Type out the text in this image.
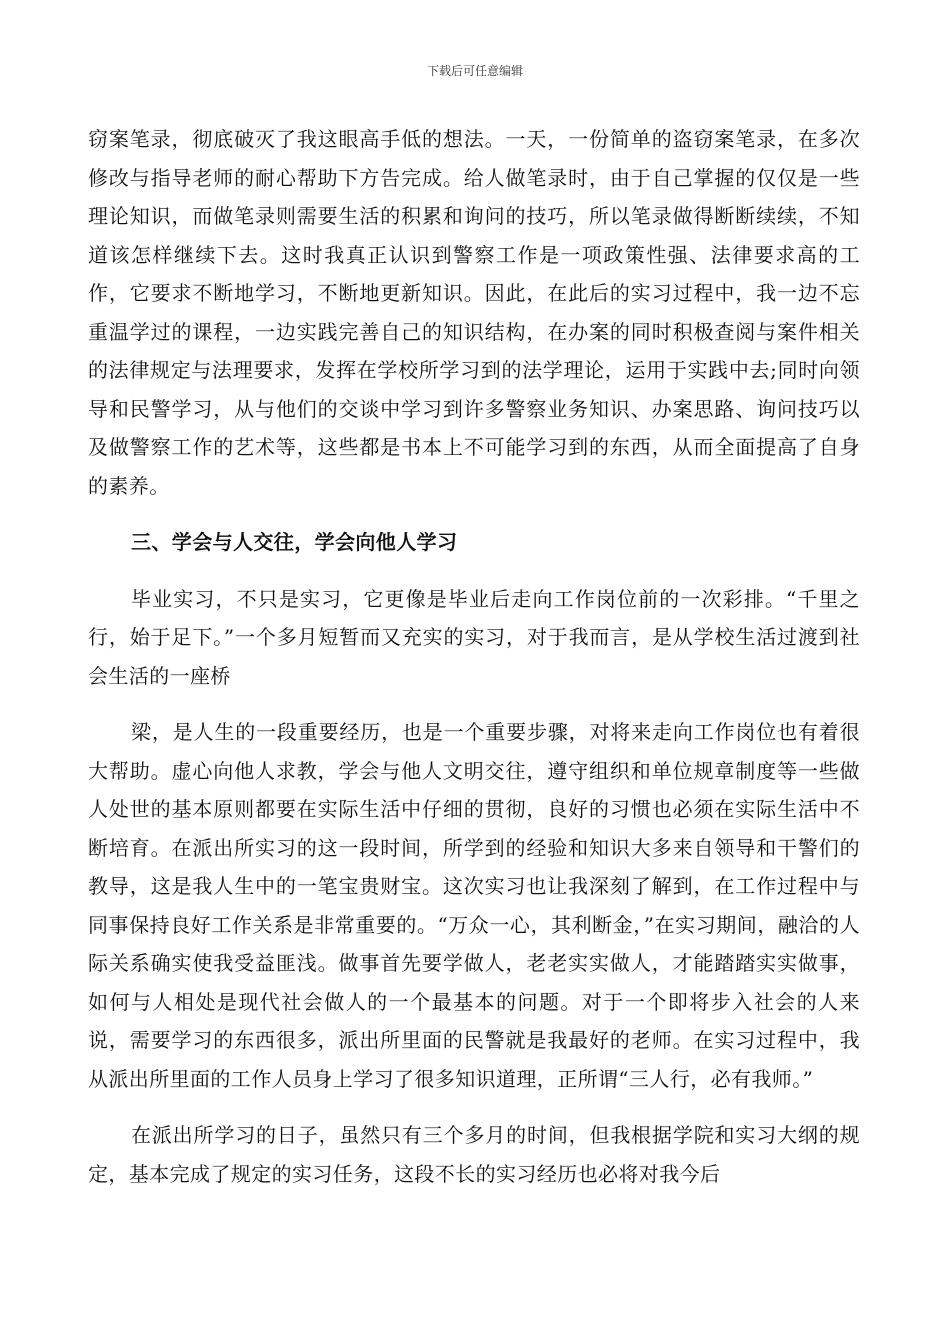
下载后可任意编辑

窃案笔录，彻底破灭了我这眼高手低的想法。一天，一份简单的盗窃案笔录，在多次修改与指导老师的耐心帮助下方告完成。给人做笔录时，由于自己掌握的仅仅是一些理论知识，而做笔录则需要生活的积累和询问的技巧，所以笔录做得断断续续，不知道该怎样继续下去。这时我真正认识到警察工作是一项政策性强、法律要求高的工作，它要求不断地学习，不断地更新知识。因此，在此后的实习过程中，我一边不忘重温学过的课程，一边实践完善自己的知识结构，在办案的同时积极查阅与案件相关的法律规定与法理要求，发挥在学校所学习到的法学理论，运用于实践中去;同时向领导和民警学习，从与他们的交谈中学习到许多警察业务知识、办案思路、询问技巧以及做警察工作的艺术等，这些都是书本上不可能学习到的东西，从而全面提高了自身的素养。

三、学会与人交往，学会向他人学习

毕业实习，不只是实习，它更像是毕业后走向工作岗位前的一次彩排。“千里之行，始于足下。”一个多月短暂而又充实的实习，对于我而言，是从学校生活过渡到社会生活的一座桥

梁，是人生的一段重要经历，也是一个重要步骤，对将来走向工作岗位也有着很大帮助。虚心向他人求教，学会与他人文明交往，遵守组织和单位规章制度等一些做人处世的基本原则都要在实际生活中仔细的贯彻，良好的习惯也必须在实际生活中不断培育。在派出所实习的这一段时间，所学到的经验和知识大多来自领导和干警们的教导，这是我人生中的一笔宝贵财宝。这次实习也让我深刻了解到，在工作过程中与同事保持良好工作关系是非常重要的。“万众一心，其利断金，”在实习期间，融洽的人际关系确实使我受益匪浅。做事首先要学做人，老老实实做人，才能踏踏实实做事，如何与人相处是现代社会做人的一个最基本的问题。对于一个即将步入社会的人来说，需要学习的东西很多，派出所里面的民警就是我最好的老师。在实习过程中，我从派出所里面的工作人员身上学习了很多知识道理，正所谓“三人行，必有我师。”

在派出所学习的日子，虽然只有三个多月的时间，但我根据学院和实习大纲的规定，基本完成了规定的实习任务，这段不长的实习经历也必将对我今后
